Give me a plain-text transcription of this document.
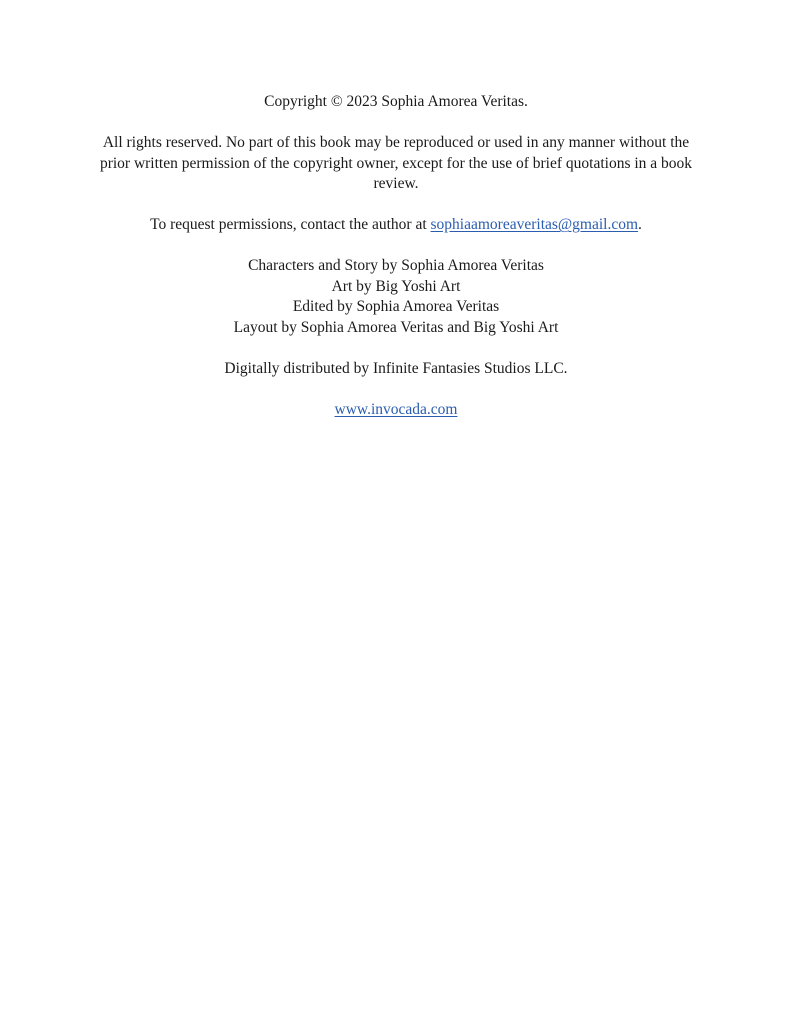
Copyright © 2023 Sophia Amorea Veritas.

All rights reserved. No part of this book may be reproduced or used in any manner without the prior written permission of the copyright owner, except for the use of brief quotations in a book review.

To request permissions, contact the author at sophiaamoreaveritas@gmail.com.

Characters and Story by Sophia Amorea Veritas

Art by Big Yoshi Art

Edited by Sophia Amorea Veritas

Layout by Sophia Amorea Veritas and Big Yoshi Art

Digitally distributed by Infinite Fantasies Studios LLC.

www.invocada.com
